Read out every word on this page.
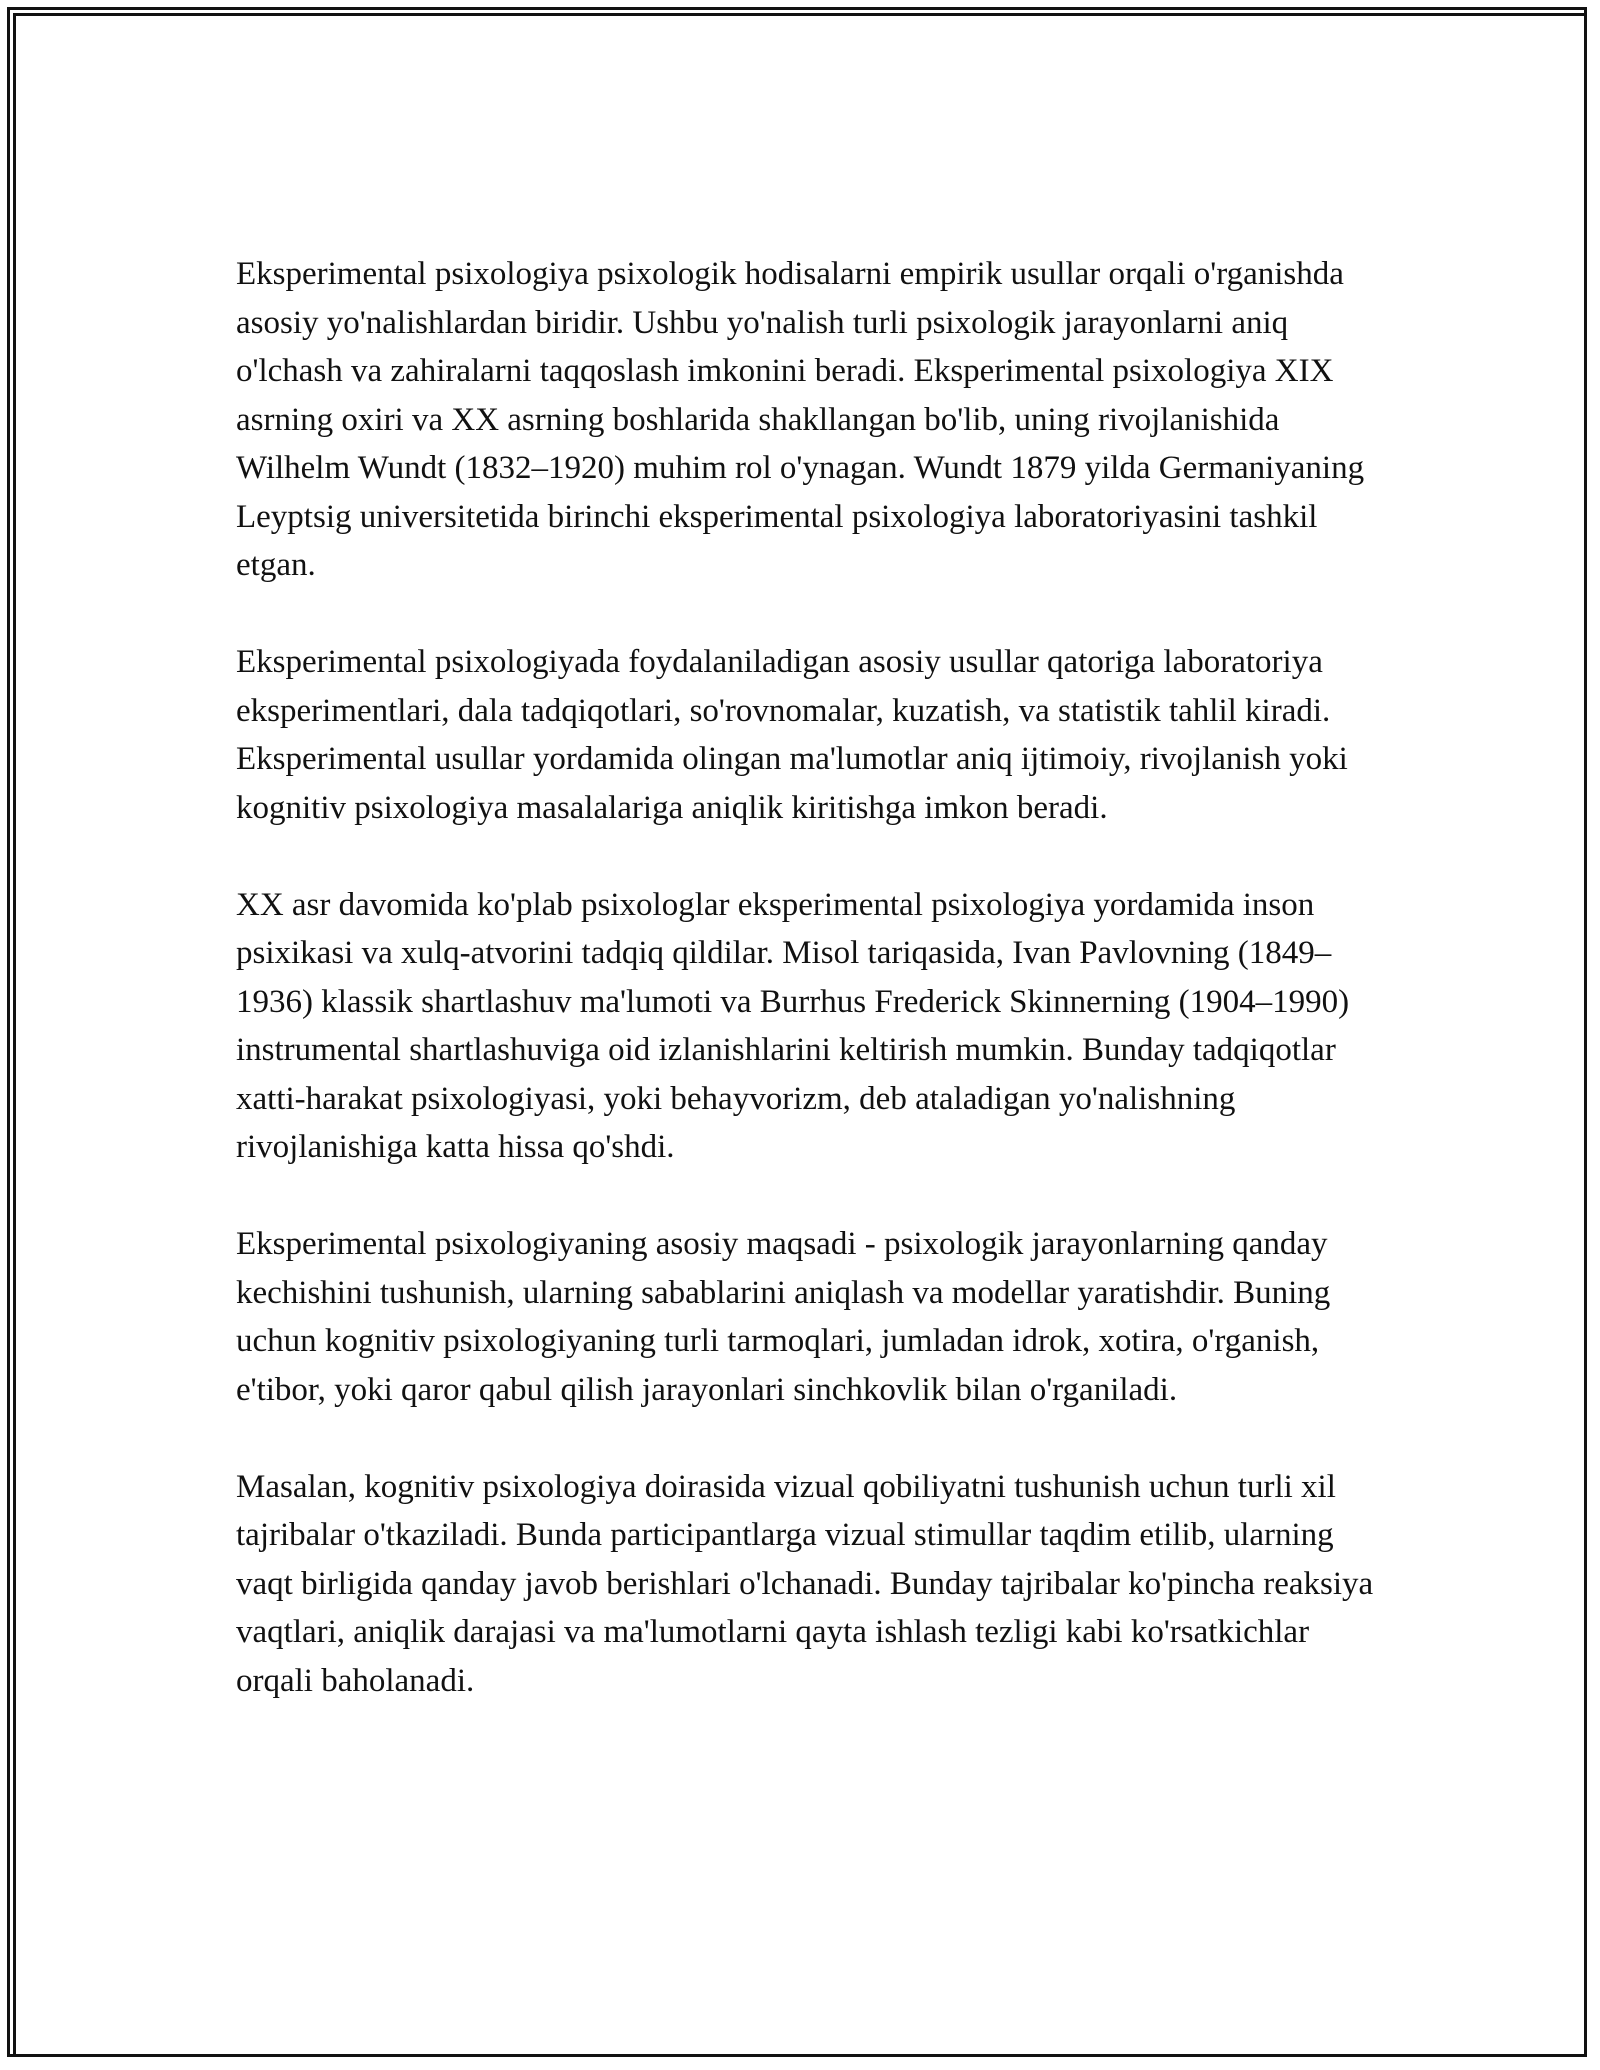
Eksperimental psixologiya psixologik hodisalarni empirik usullar orqali o'rganishda asosiy yo'nalishlardan biridir. Ushbu yo'nalish turli psixologik jarayonlarni aniq o'lchash va zahiralarni taqqoslash imkonini beradi. Eksperimental psixologiya XIX asrning oxiri va XX asrning boshlarida shakllangan bo'lib, uning rivojlanishida Wilhelm Wundt (1832–1920) muhim rol o'ynagan. Wundt 1879 yilda Germaniyaning Leyptsig universitetida birinchi eksperimental psixologiya laboratoriyasini tashkil etgan.

Eksperimental psixologiyada foydalaniladigan asosiy usullar qatoriga laboratoriya eksperimentlari, dala tadqiqotlari, so'rovnomalar, kuzatish, va statistik tahlil kiradi. Eksperimental usullar yordamida olingan ma'lumotlar aniq ijtimoiy, rivojlanish yoki kognitiv psixologiya masalalariga aniqlik kiritishga imkon beradi.

XX asr davomida ko'plab psixologlar eksperimental psixologiya yordamida inson psixikasi va xulq-atvorini tadqiq qildilar. Misol tariqasida, Ivan Pavlovning (1849–1936) klassik shartlashuv ma'lumoti va Burrhus Frederick Skinnerning (1904–1990) instrumental shartlashuviga oid izlanishlarini keltirish mumkin. Bunday tadqiqotlar xatti-harakat psixologiyasi, yoki behayvorizm, deb ataladigan yo'nalishning rivojlanishiga katta hissa qo'shdi.

Eksperimental psixologiyaning asosiy maqsadi - psixologik jarayonlarning qanday kechishini tushunish, ularning sabablarini aniqlash va modellar yaratishdir. Buning uchun kognitiv psixologiyaning turli tarmoqlari, jumladan idrok, xotira, o'rganish, e'tibor, yoki qaror qabul qilish jarayonlari sinchkovlik bilan o'rganiladi.

Masalan, kognitiv psixologiya doirasida vizual qobiliyatni tushunish uchun turli xil tajribalar o'tkaziladi. Bunda participantlarga vizual stimullar taqdim etilib, ularning vaqt birligida qanday javob berishlari o'lchanadi. Bunday tajribalar ko'pincha reaksiya vaqtlari, aniqlik darajasi va ma'lumotlarni qayta ishlash tezligi kabi ko'rsatkichlar orqali baholanadi.
